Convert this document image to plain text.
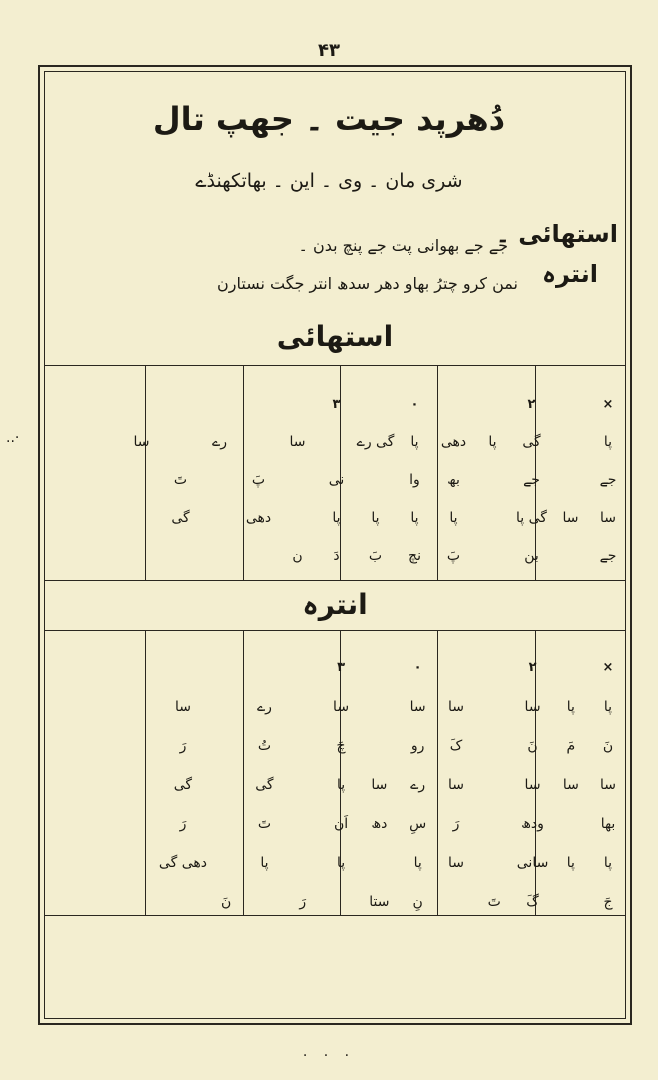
۴۳
دُھرپد جیت ۔ جھپ تال
شری مان ۔ وی ۔ این ۔ بھاتکھنڈے
استھائی ۔
جے جے بھوانی پت جے پنچ بدن ۔
انترہ
نمن کرو چترُ بھاو دھر سدھ انتر جگت نستارن
استھائی
×
۲
۰
۳
پا
گی
پا
دھی
پا
گی رے
سا
رے
سا
جے
جے
بھ
وا
نی
پَ
تَ
سا
سا
گی پا
پا
پا
پا
پا
دھی
گی
جے
بن
پَ
نچ
بَ
دَ
ن
انترہ
×
۲
۰
۳
پا
پا
سا
سا
سا
سا
رے
سا
نَ
مَ
نَ
کَ
رو
چَ
تُ
رَ
سا
سا
سا
سا
رے
سا
پا
گی
گی
بھا
ودھ
رَ
سِ
دھ
اَن
تَ
رَ
پا
پا
سانی
سا
پا
پا
پا
دھی گی
جَ
گَ
تَ
نِ
ستا
رَ
نَ
..·
· · ·
